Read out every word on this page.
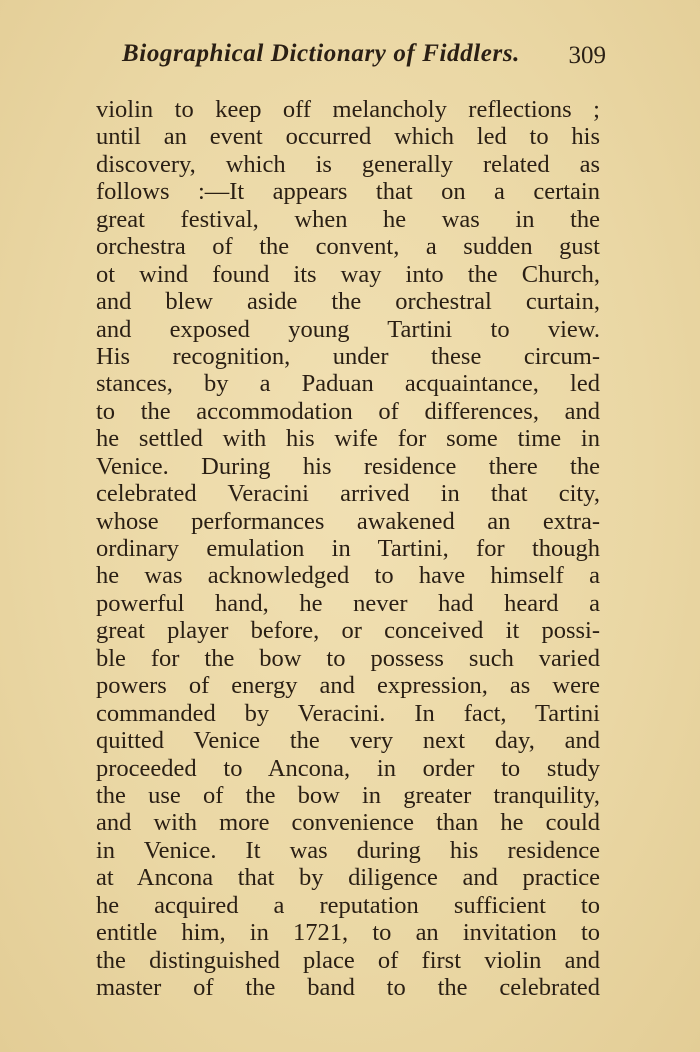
Biographical Dictionary of Fiddlers. 309
violin to keep off melancholy reflections ;
until an event occurred which led to his
discovery, which is generally related as
follows :—It appears that on a certain
great festival, when he was in the
orchestra of the convent, a sudden gust
ot wind found its way into the Church,
and blew aside the orchestral curtain,
and exposed young Tartini to view.
His recognition, under these circum-
stances, by a Paduan acquaintance, led
to the accommodation of differences, and
he settled with his wife for some time in
Venice. During his residence there the
celebrated Veracini arrived in that city,
whose performances awakened an extra-
ordinary emulation in Tartini, for though
he was acknowledged to have himself a
powerful hand, he never had heard a
great player before, or conceived it possi-
ble for the bow to possess such varied
powers of energy and expression, as were
commanded by Veracini. In fact, Tartini
quitted Venice the very next day, and
proceeded to Ancona, in order to study
the use of the bow in greater tranquility,
and with more convenience than he could
in Venice. It was during his residence
at Ancona that by diligence and practice
he acquired a reputation sufficient to
entitle him, in 1721, to an invitation to
the distinguished place of first violin and
master of the band to the celebrated
